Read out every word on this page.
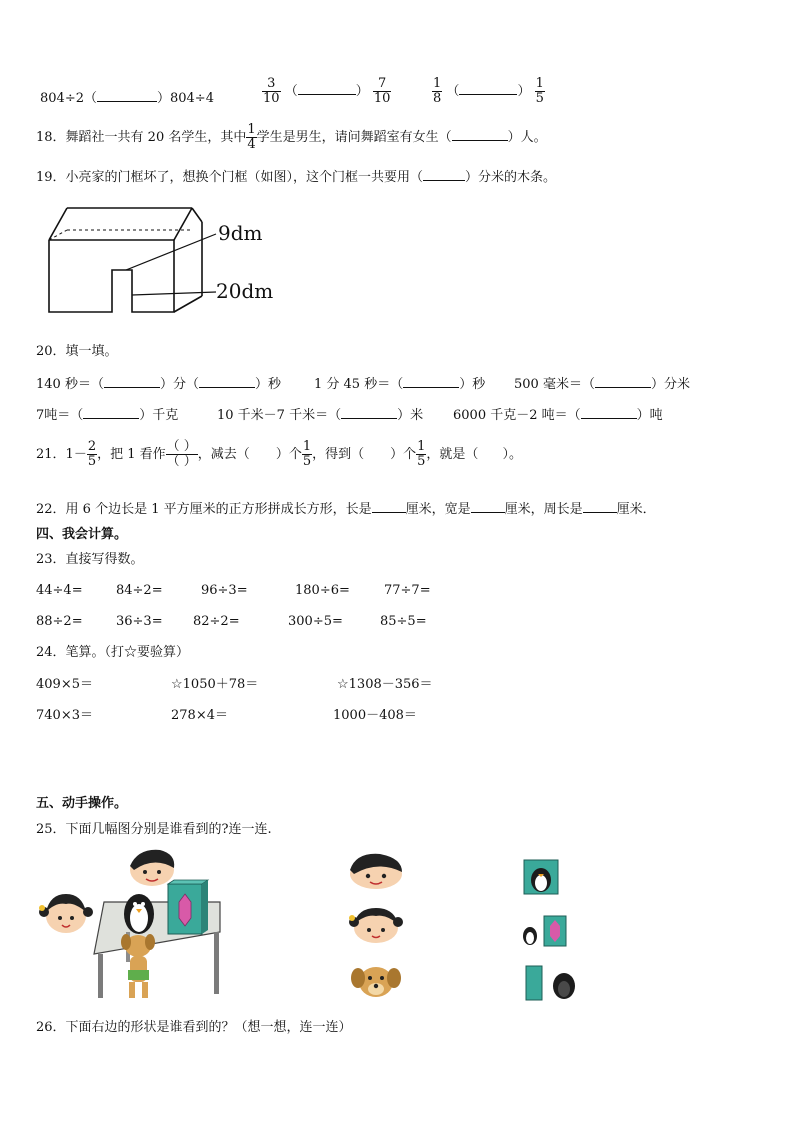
804÷2（	）804÷4	$\frac{3}{10}$ （	） $\frac{7}{10}$	$\frac{1}{8}$ （	） $\frac{1}{5}$
18．舞蹈社一共有 20 名学生，其中 $\frac{1}{4}$ 学生是男生，请问舞蹈室有女生（	）人。
19．小亮家的门框坏了，想换个门框（如图），这个门框一共要用（	）分米的木条。
9dm
20dm
20．填一填。
140 秒＝（	）分（	）秒	1 分 45 秒＝（	）秒 500 毫米＝（	）分米
7吨＝（	）千克	10 千米－7 千米＝（	）米 6000 千克－2 吨＝（	）吨
21．$1- \frac{2}{5}$ ，把 1 看作 $\frac{( )}{( )}$ ，减去（ ）个 $\frac{1}{5}$ ，得到（ ）个 $\frac{1}{5}$ ，就是（ ）。
22．用 6 个边长是 1 平方厘米的正方形拼成长方形，长是	厘米，宽是	厘米，周长是	厘米．
四、我会计算。
23．直接写得数。
44÷4=	84÷2=	96÷3=	180÷6=	77÷7=
88÷2=	36÷3= 82÷2=	300÷5=	85÷5=
24．笔算。（打☆要验算）
409×5＝	☆1050＋78＝	☆1308－356＝
740×3＝	278×4＝	1000－408＝
五、动手操作。
25．下面几幅图分别是谁看到的?连一连.
26．下面右边的形状是谁看到的？（想一想，连一连）
